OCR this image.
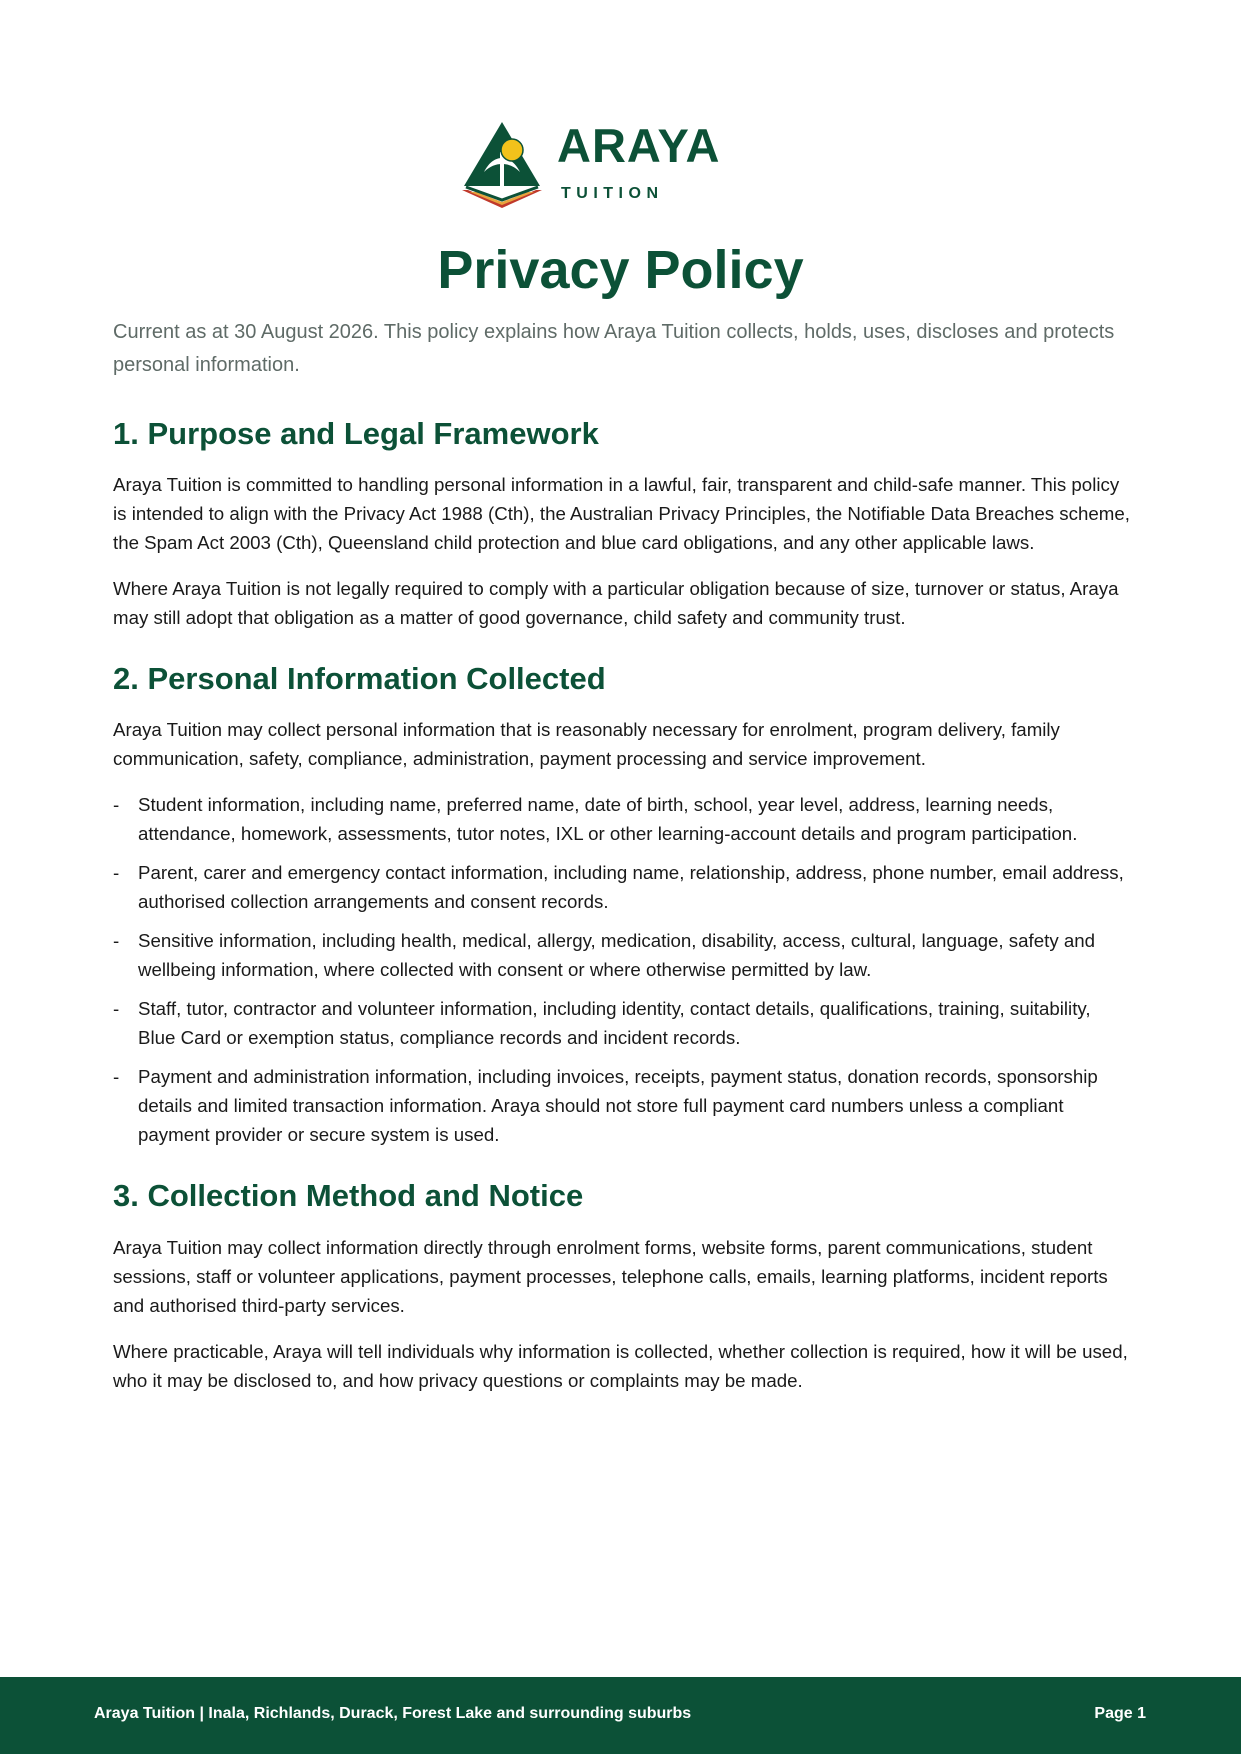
ARAYA
TUITION
Privacy Policy

Current as at 30 August 2026. This policy explains how Araya Tuition collects, holds, uses, discloses and protects personal information.

1. Purpose and Legal Framework

Araya Tuition is committed to handling personal information in a lawful, fair, transparent and child-safe manner. This policy is intended to align with the Privacy Act 1988 (Cth), the Australian Privacy Principles, the Notifiable Data Breaches scheme, the Spam Act 2003 (Cth), Queensland child protection and blue card obligations, and any other applicable laws.

Where Araya Tuition is not legally required to comply with a particular obligation because of size, turnover or status, Araya may still adopt that obligation as a matter of good governance, child safety and community trust.

2. Personal Information Collected

Araya Tuition may collect personal information that is reasonably necessary for enrolment, program delivery, family communication, safety, compliance, administration, payment processing and service improvement.

- Student information, including name, preferred name, date of birth, school, year level, address, learning needs, attendance, homework, assessments, tutor notes, IXL or other learning-account details and program participation.
- Parent, carer and emergency contact information, including name, relationship, address, phone number, email address, authorised collection arrangements and consent records.
- Sensitive information, including health, medical, allergy, medication, disability, access, cultural, language, safety and wellbeing information, where collected with consent or where otherwise permitted by law.
- Staff, tutor, contractor and volunteer information, including identity, contact details, qualifications, training, suitability, Blue Card or exemption status, compliance records and incident records.
- Payment and administration information, including invoices, receipts, payment status, donation records, sponsorship details and limited transaction information. Araya should not store full payment card numbers unless a compliant payment provider or secure system is used.
3. Collection Method and Notice

Araya Tuition may collect information directly through enrolment forms, website forms, parent communications, student sessions, staff or volunteer applications, payment processes, telephone calls, emails, learning platforms, incident reports and authorised third-party services.

Where practicable, Araya will tell individuals why information is collected, whether collection is required, how it will be used, who it may be disclosed to, and how privacy questions or complaints may be made.

Araya Tuition | Inala, Richlands, Durack, Forest Lake and surrounding suburbs	Page 1
